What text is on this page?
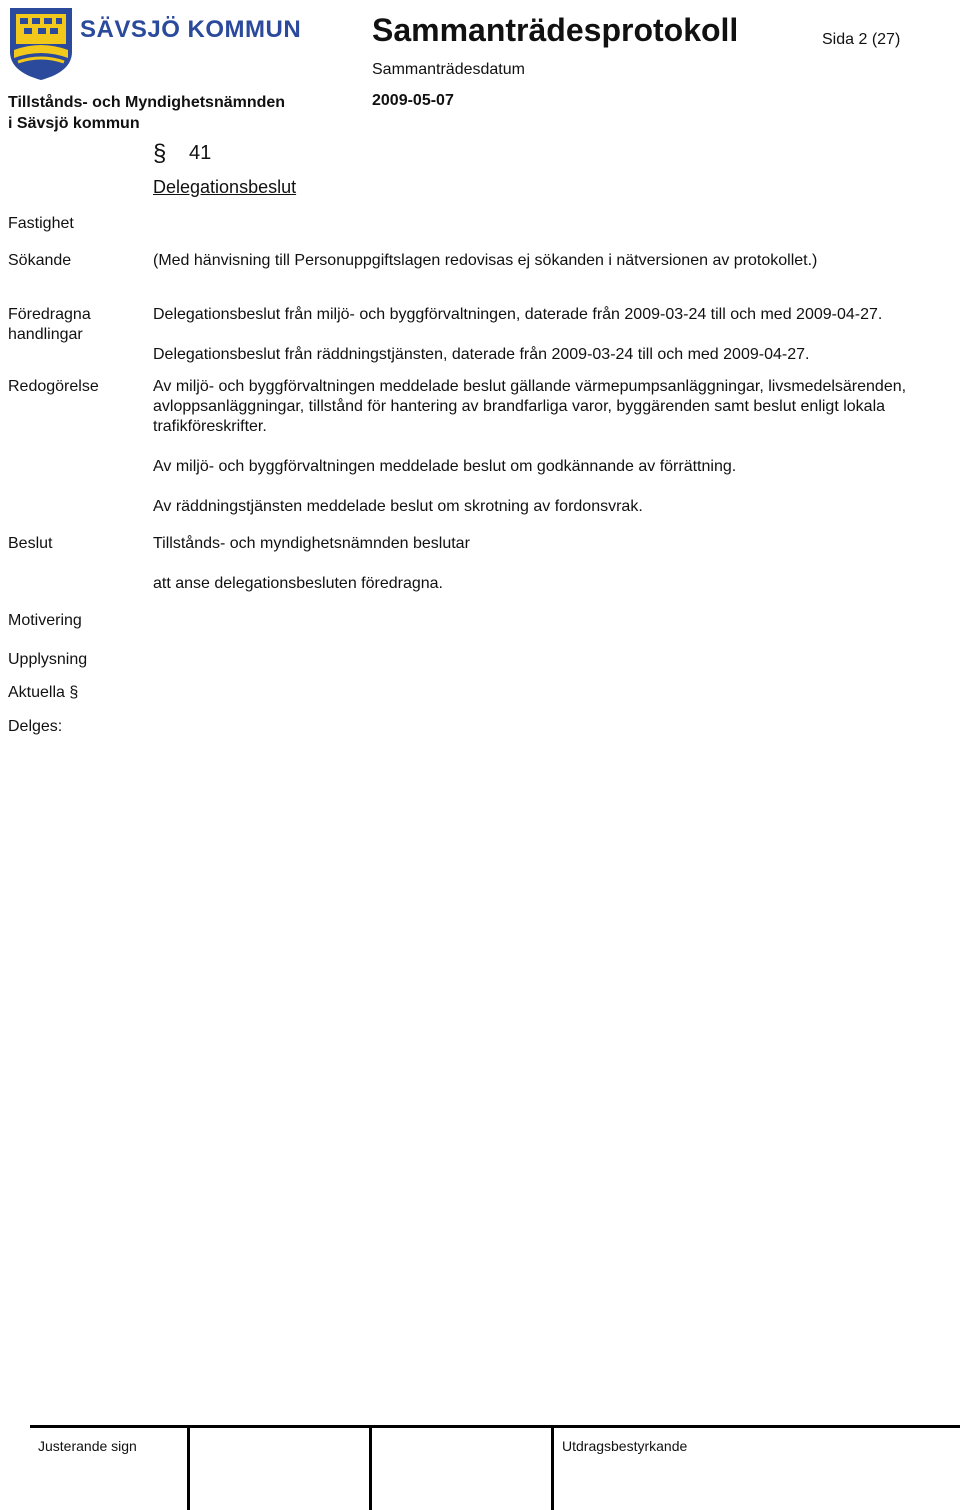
SÄVSJÖ KOMMUN Sammanträdesprotokoll	Sida 2 (27)
Sammanträdesdatum
2009-05-07
Tillstånds- och Myndighetsnämnden
i Sävsjö kommun
§ 41
Delegationsbeslut
Fastighet
Sökande
Föredragna handlingar
Redogörelse
Beslut
Motivering
Upplysning
Aktuella §
Delges:
(Med hänvisning till Personuppgiftslagen redovisas ej sökanden i nätversionen av protokollet.)
Delegationsbeslut från miljö- och byggförvaltningen, daterade från 2009-03-24 till och med 2009-04-27.
Delegationsbeslut från räddningstjänsten, daterade från 2009-03-24 till och med 2009-04-27.
Av miljö- och byggförvaltningen meddelade beslut gällande värmepumpsanläggningar, livsmedelsärenden, avloppsanläggningar, tillstånd för hantering av brandfarliga varor, byggärenden samt beslut enligt lokala trafikföreskrifter.
Av miljö- och byggförvaltningen meddelade beslut om godkännande av förrättning.
Av räddningstjänsten meddelade beslut om skrotning av fordonsvrak.
Tillstånds- och myndighetsnämnden beslutar
att anse delegationsbesluten föredragna.
Justerande sign	Utdragsbestyrkande
